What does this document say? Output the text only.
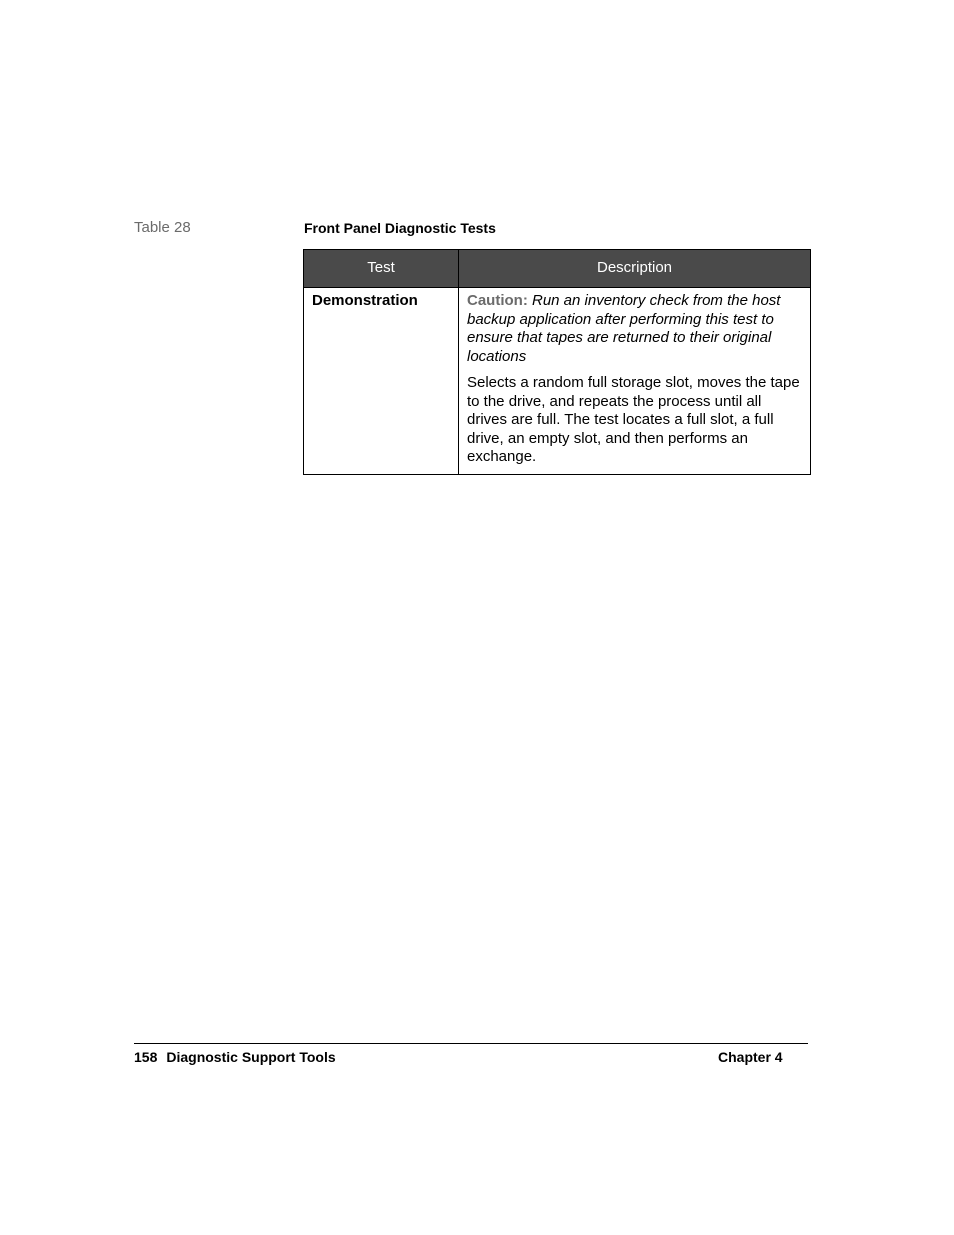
Table 28	Front Panel Diagnostic Tests
Test	Description
Demonstration	Caution: Run an inventory check from the host backup application after performing this test to ensure that tapes are returned to their original locations

Selects a random full storage slot, moves the tape to the drive, and repeats the process until all drives are full. The test locates a full slot, a full drive, an empty slot, and then performs an exchange.

158 Diagnostic Support Tools	Chapter 4
